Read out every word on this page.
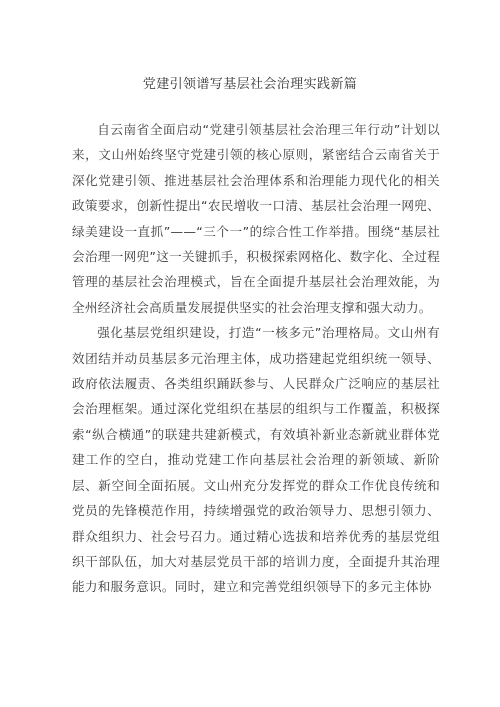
党建引领谱写基层社会治理实践新篇

自云南省全面启动“党建引领基层社会治理三年行动”计划以来，文山州始终坚守党建引领的核心原则，紧密结合云南省关于深化党建引领、推进基层社会治理体系和治理能力现代化的相关政策要求，创新性提出“农民增收一口清、基层社会治理一网兜、绿美建设一直抓”——“三个一”的综合性工作举措。围绕“基层社会治理一网兜”这一关键抓手，积极探索网格化、数字化、全过程管理的基层社会治理模式，旨在全面提升基层社会治理效能，为全州经济社会高质量发展提供坚实的社会治理支撑和强大动力。

强化基层党组织建设，打造“一核多元”治理格局。文山州有效团结并动员基层多元治理主体，成功搭建起党组织统一领导、政府依法履责、各类组织踊跃参与、人民群众广泛响应的基层社会治理框架。通过深化党组织在基层的组织与工作覆盖，积极探索“纵合横通”的联建共建新模式，有效填补新业态新就业群体党建工作的空白，推动党建工作向基层社会治理的新领域、新阶层、新空间全面拓展。文山州充分发挥党的群众工作优良传统和党员的先锋模范作用，持续增强党的政治领导力、思想引领力、群众组织力、社会号召力。通过精心选拔和培养优秀的基层党组织干部队伍，加大对基层党员干部的培训力度，全面提升其治理能力和服务意识。同时，建立和完善党组织领导下的多元主体协
